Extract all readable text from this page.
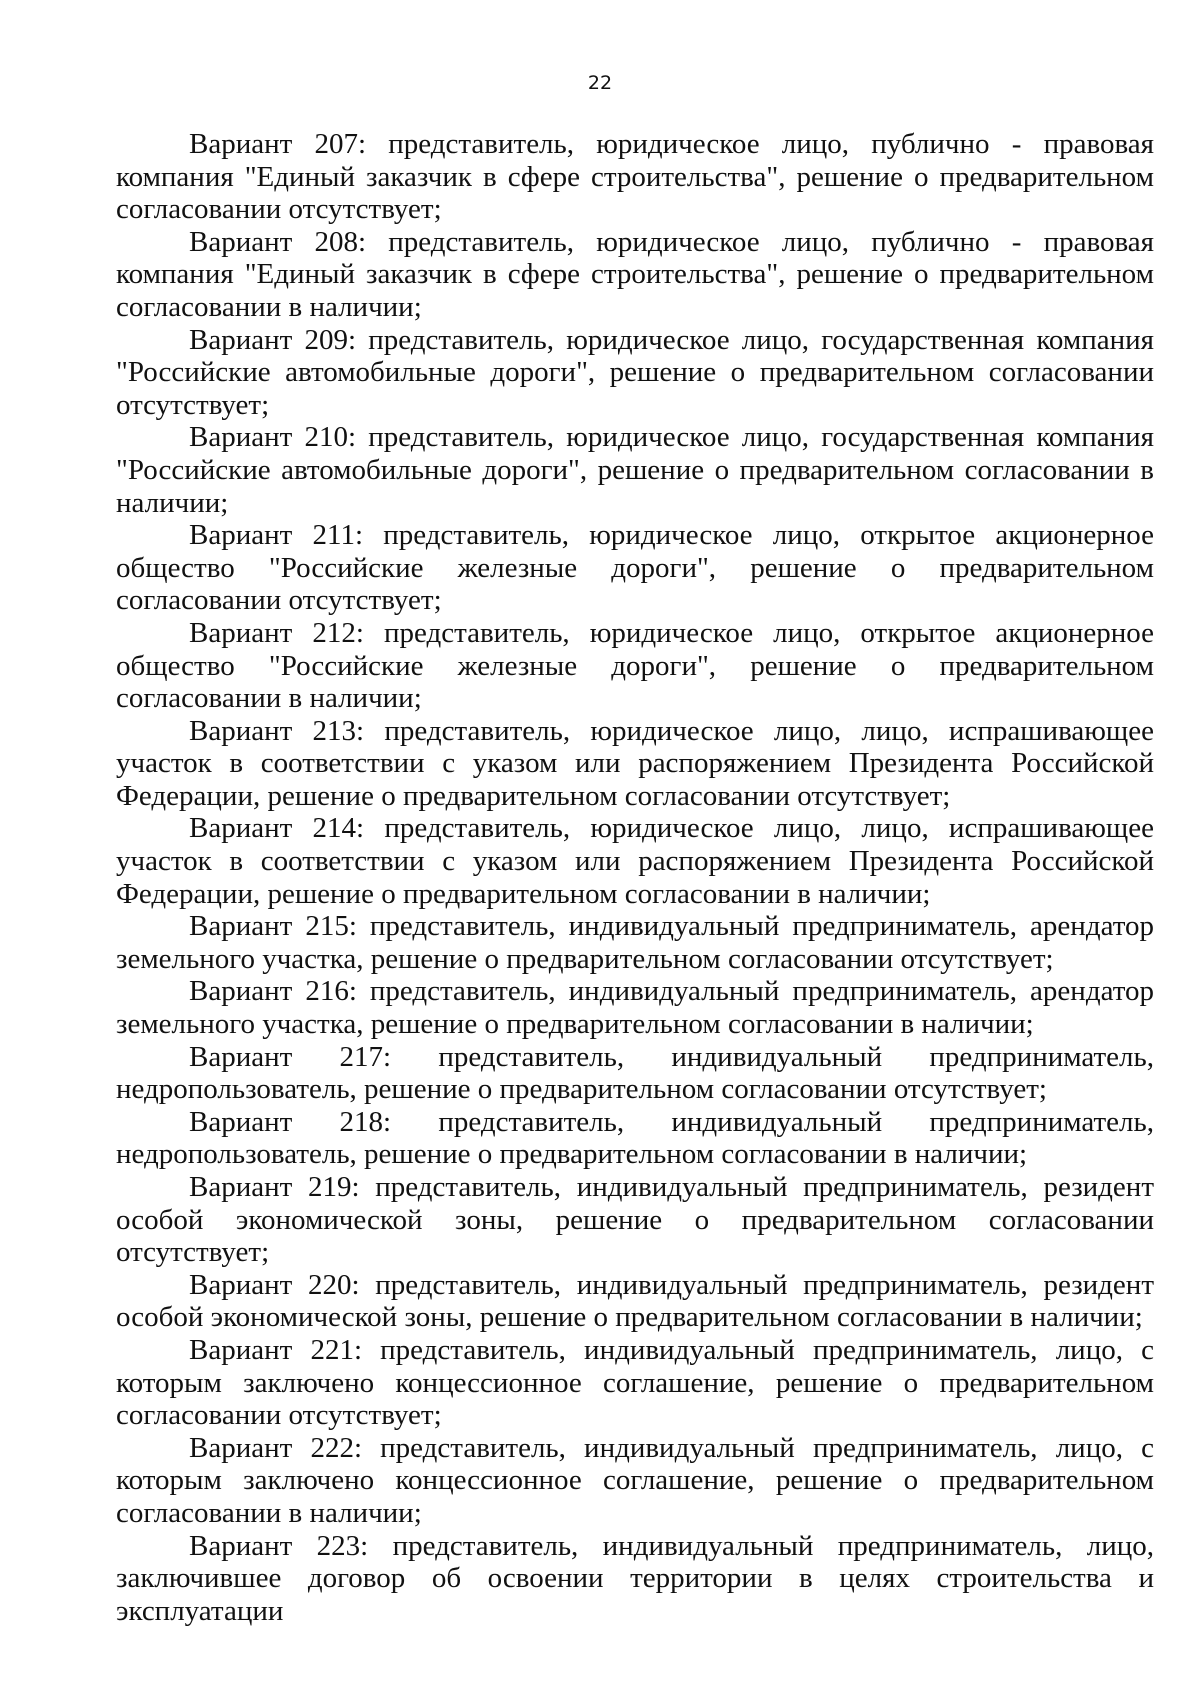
22

Вариант 207: представитель, юридическое лицо, публично - правовая компания "Единый заказчик в сфере строительства", решение о предварительном согласовании отсутствует;

Вариант 208: представитель, юридическое лицо, публично - правовая компания "Единый заказчик в сфере строительства", решение о предварительном согласовании в наличии;

Вариант 209: представитель, юридическое лицо, государственная компания "Российские автомобильные дороги", решение о предварительном согласовании отсутствует;

Вариант 210: представитель, юридическое лицо, государственная компания "Российские автомобильные дороги", решение о предварительном согласовании в наличии;

Вариант 211: представитель, юридическое лицо, открытое акционерное общество "Российские железные дороги", решение о предварительном согласовании отсутствует;

Вариант 212: представитель, юридическое лицо, открытое акционерное общество "Российские железные дороги", решение о предварительном согласовании в наличии;

Вариант 213: представитель, юридическое лицо, лицо, испрашивающее участок в соответствии с указом или распоряжением Президента Российской Федерации, решение о предварительном согласовании отсутствует;

Вариант 214: представитель, юридическое лицо, лицо, испрашивающее участок в соответствии с указом или распоряжением Президента Российской Федерации, решение о предварительном согласовании в наличии;

Вариант 215: представитель, индивидуальный предприниматель, арендатор земельного участка, решение о предварительном согласовании отсутствует;

Вариант 216: представитель, индивидуальный предприниматель, арендатор земельного участка, решение о предварительном согласовании в наличии;

Вариант 217: представитель, индивидуальный предприниматель, недропользователь, решение о предварительном согласовании отсутствует;

Вариант 218: представитель, индивидуальный предприниматель, недропользователь, решение о предварительном согласовании в наличии;

Вариант 219: представитель, индивидуальный предприниматель, резидент особой экономической зоны, решение о предварительном согласовании отсутствует;

Вариант 220: представитель, индивидуальный предприниматель, резидент особой экономической зоны, решение о предварительном согласовании в наличии;

Вариант 221: представитель, индивидуальный предприниматель, лицо, с которым заключено концессионное соглашение, решение о предварительном согласовании отсутствует;

Вариант 222: представитель, индивидуальный предприниматель, лицо, с которым заключено концессионное соглашение, решение о предварительном согласовании в наличии;

Вариант 223: представитель, индивидуальный предприниматель, лицо, заключившее договор об освоении территории в целях строительства и эксплуатации
